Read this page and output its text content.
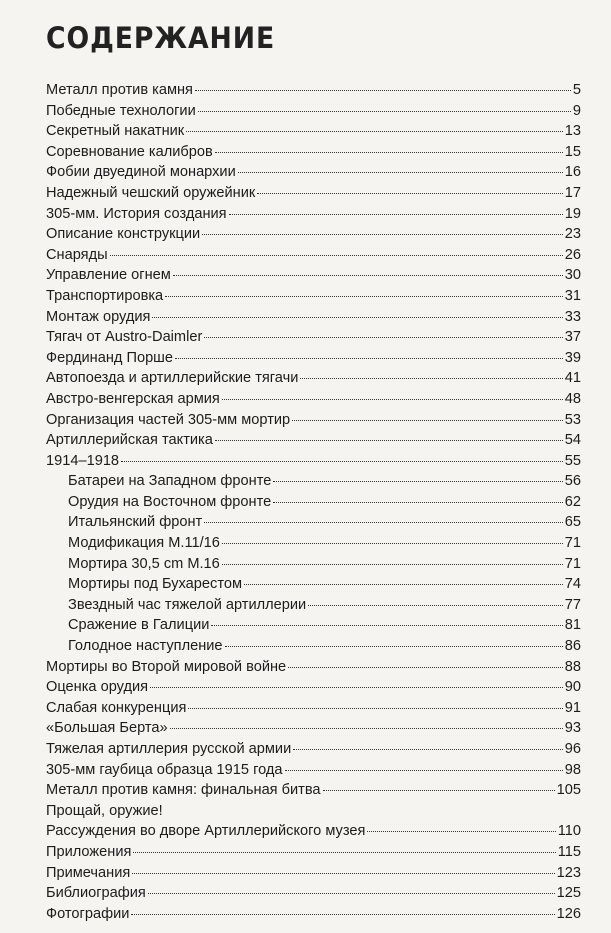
СОДЕРЖАНИЕ
Металл против камня	5
Победные технологии	9
Секретный накатник	13
Соревнование калибров	15
Фобии двуединой монархии	16
Надежный чешский оружейник	17
305-мм. История создания	19
Описание конструкции	23
Снаряды	26
Управление огнем	30
Транспортировка	31
Монтаж орудия	33
Тягач от Austro-Daimler	37
Фердинанд Порше	39
Автопоезда и артиллерийские тягачи	41
Австро-венгерская армия	48
Организация частей 305-мм мортир	53
Артиллерийская тактика	54
1914–1918	55
Батареи на Западном фронте	56
Орудия на Восточном фронте	62
Итальянский фронт	65
Модификация М.11/16	71
Мортира 30,5 cm M.16	71
Мортиры под Бухарестом	74
Звездный час тяжелой артиллерии	77
Сражение в Галиции	81
Голодное наступление	86
Мортиры во Второй мировой войне	88
Оценка орудия	90
Слабая конкуренция	91
«Большая Берта»	93
Тяжелая артиллерия русской армии	96
305-мм гаубица образца 1915 года	98
Металл против камня: финальная битва	105
Прощай, оружие!
Рассуждения во дворе Артиллерийского музея	110
Приложения	115
Примечания	123
Библиография	125
Фотографии	126
